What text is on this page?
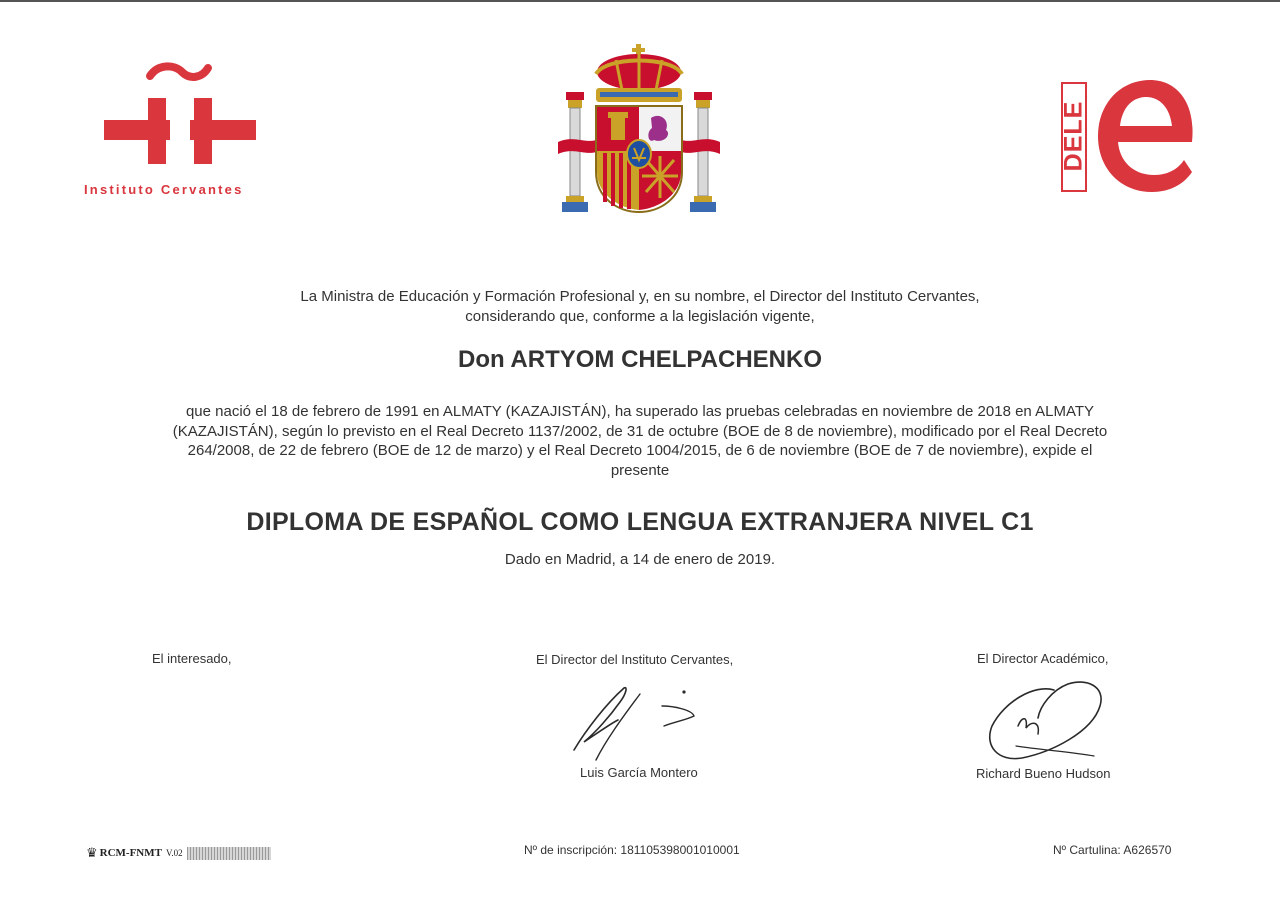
Instituto Cervantes
DELE
La Ministra de Educación y Formación Profesional y, en su nombre, el Director del Instituto Cervantes, considerando que, conforme a la legislación vigente,
Don ARTYOM CHELPACHENKO
que nació el 18 de febrero de 1991 en ALMATY (KAZAJISTÁN), ha superado las pruebas celebradas en noviembre de 2018 en ALMATY (KAZAJISTÁN), según lo previsto en el Real Decreto 1137/2002, de 31 de octubre (BOE de 8 de noviembre), modificado por el Real Decreto 264/2008, de 22 de febrero (BOE de 12 de marzo) y el Real Decreto 1004/2015, de 6 de noviembre (BOE de 7 de noviembre), expide el presente
DIPLOMA DE ESPAÑOL COMO LENGUA EXTRANJERA NIVEL C1
Dado en Madrid, a 14 de enero de 2019.
El interesado,	El Director del Instituto Cervantes,
Luis García Montero
El Director Académico,
Richard Bueno Hudson
♛ RCM-FNMT V.02	Nº de inscripción: 181105398001010001	Nº Cartulina: A626570
